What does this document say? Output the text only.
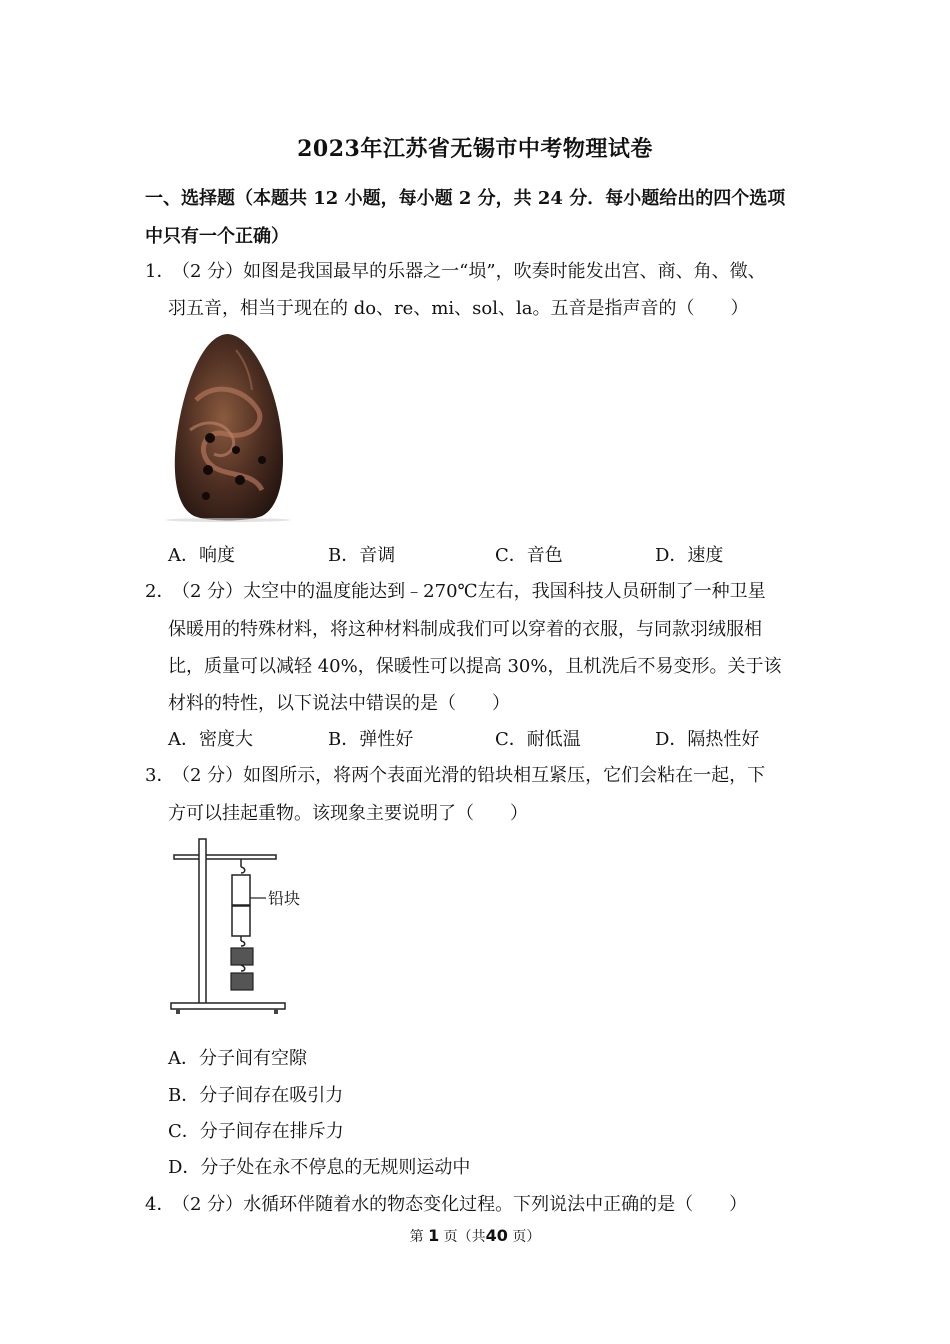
2023年江苏省无锡市中考物理试卷
一、选择题（本题共 12 小题，每小题 2 分，共 24 分．每小题给出的四个选项
中只有一个正确）
1．
（2 分）如图是我国最早的乐器之一“埙”，吹奏时能发出宫、商、角、徵、
羽五音，相当于现在的 do、re、mi、sol、la。五音是指声音的（　　）
A．响度	B．音调	C．音色	D．速度
2．
（2 分）太空中的温度能达到﹣270℃左右，我国科技人员研制了一种卫星
保暖用的特殊材料，将这种材料制成我们可以穿着的衣服，与同款羽绒服相
比，质量可以减轻 40%，保暖性可以提高 30%，且机洗后不易变形。关于该
材料的特性，以下说法中错误的是（　　）
A．密度大	B．弹性好	C．耐低温	D．隔热性好
3．
（2 分）如图所示，将两个表面光滑的铅块相互紧压，它们会粘在一起，下
方可以挂起重物。该现象主要说明了（　　）
铅块
A．分子间有空隙
B．分子间存在吸引力
C．分子间存在排斥力
D．分子处在永不停息的无规则运动中
4．
（2 分）水循环伴随着水的物态变化过程。下列说法中正确的是（　　）
第 1 页（共40 页）
